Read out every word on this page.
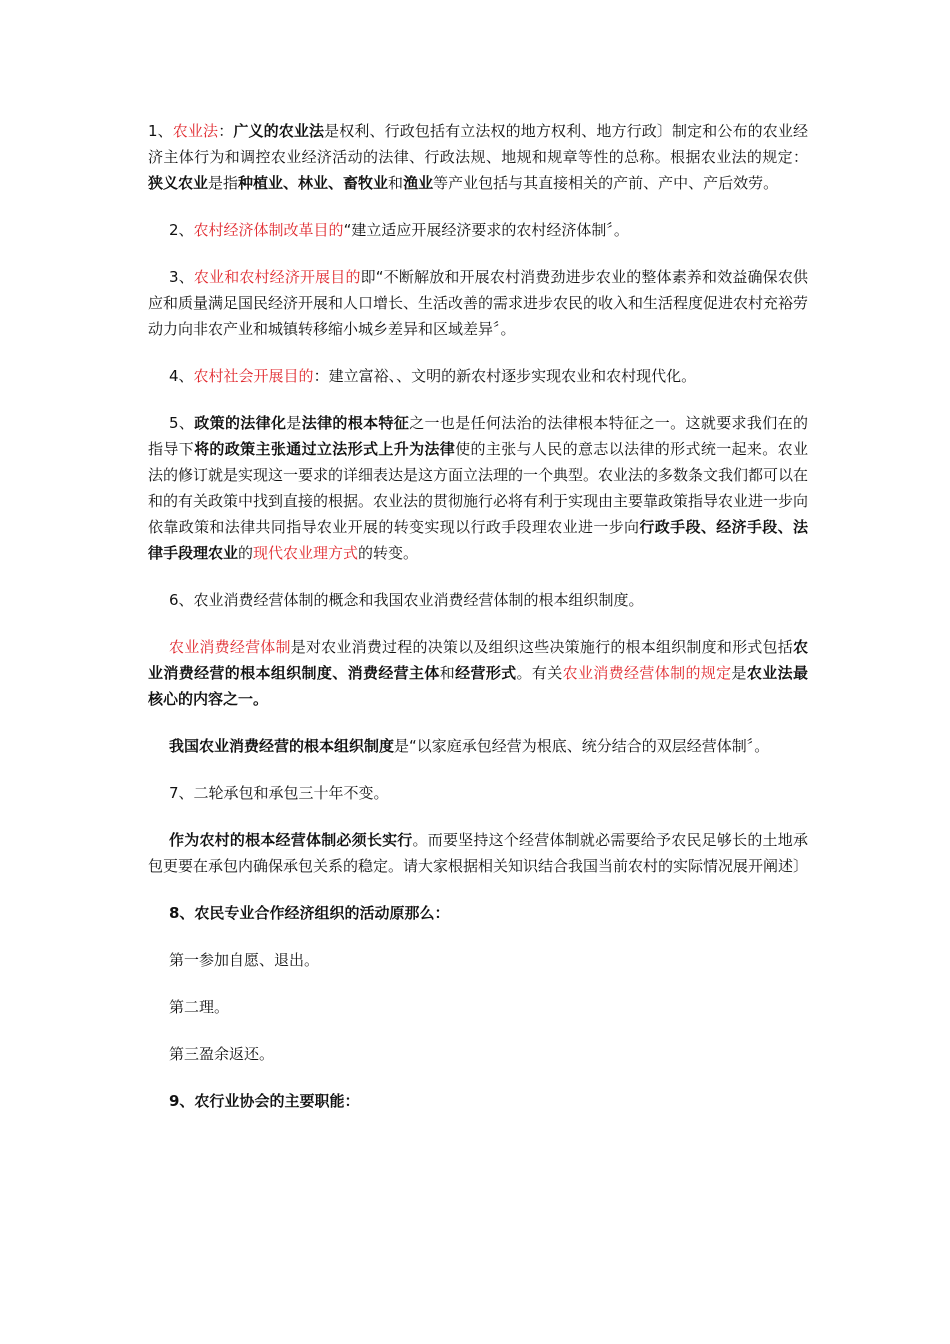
1、农业法：广义的农业法是权利、行政包括有立法权的地方权利、地方行政〕制定和公布的农业经济主体行为和调控农业经济活动的法律、行政法规、地规和规章等性的总称。根据农业法的规定：狭义农业是指种植业、林业、畜牧业和渔业等产业包括与其直接相关的产前、产中、产后效劳。

2、农村经济体制改革目的“建立适应开展经济要求的农村经济体制〞。

3、农业和农村经济开展目的即“不断解放和开展农村消费劲进步农业的整体素养和效益确保农供应和质量满足国民经济开展和人口增长、生活改善的需求进步农民的收入和生活程度促进农村充裕劳动力向非农产业和城镇转移缩小城乡差异和区域差异〞。

4、农村社会开展目的：建立富裕、、文明的新农村逐步实现农业和农村现代化。

5、政策的法律化是法律的根本特征之一也是任何法治的法律根本特征之一。这就要求我们在的指导下将的政策主张通过立法形式上升为法律使的主张与人民的意志以法律的形式统一起来。农业法的修订就是实现这一要求的详细表达是这方面立法理的一个典型。农业法的多数条文我们都可以在和的有关政策中找到直接的根据。农业法的贯彻施行必将有利于实现由主要靠政策指导农业进一步向依靠政策和法律共同指导农业开展的转变实现以行政手段理农业进一步向行政手段、经济手段、法律手段理农业的现代农业理方式的转变。

6、农业消费经营体制的概念和我国农业消费经营体制的根本组织制度。

农业消费经营体制是对农业消费过程的决策以及组织这些决策施行的根本组织制度和形式包括农业消费经营的根本组织制度、消费经营主体和经营形式。有关农业消费经营体制的规定是农业法最核心的内容之一。

我国农业消费经营的根本组织制度是“以家庭承包经营为根底、统分结合的双层经营体制〞。

7、二轮承包和承包三十年不变。

作为农村的根本经营体制必须长实行。而要坚持这个经营体制就必需要给予农民足够长的土地承包更要在承包内确保承包关系的稳定。请大家根据相关知识结合我国当前农村的实际情况展开阐述〕

8、农民专业合作经济组织的活动原那么：

第一参加自愿、退出。

第二理。

第三盈余返还。

9、农行业协会的主要职能：
